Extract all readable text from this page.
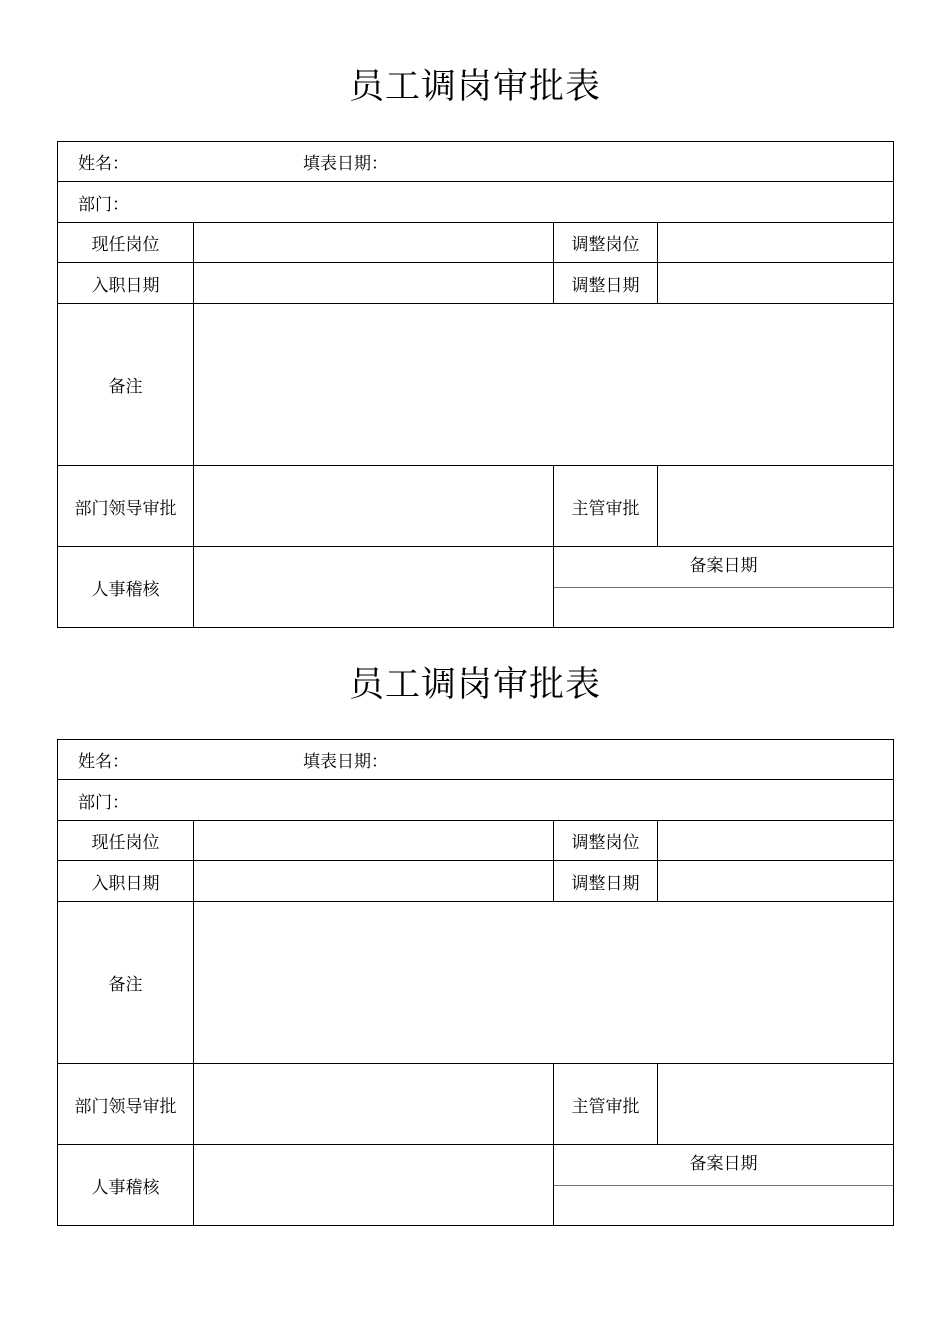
员工调岗审批表
姓名： 填表日期：			
部门：			
现任岗位		调整岗位	
入职日期		调整日期	
备注			
部门领导审批		主管审批	
人事稽核		备案日期	
员工调岗审批表
姓名： 填表日期：			
部门：			
现任岗位		调整岗位	
入职日期		调整日期	
备注			
部门领导审批		主管审批	
人事稽核		备案日期	
